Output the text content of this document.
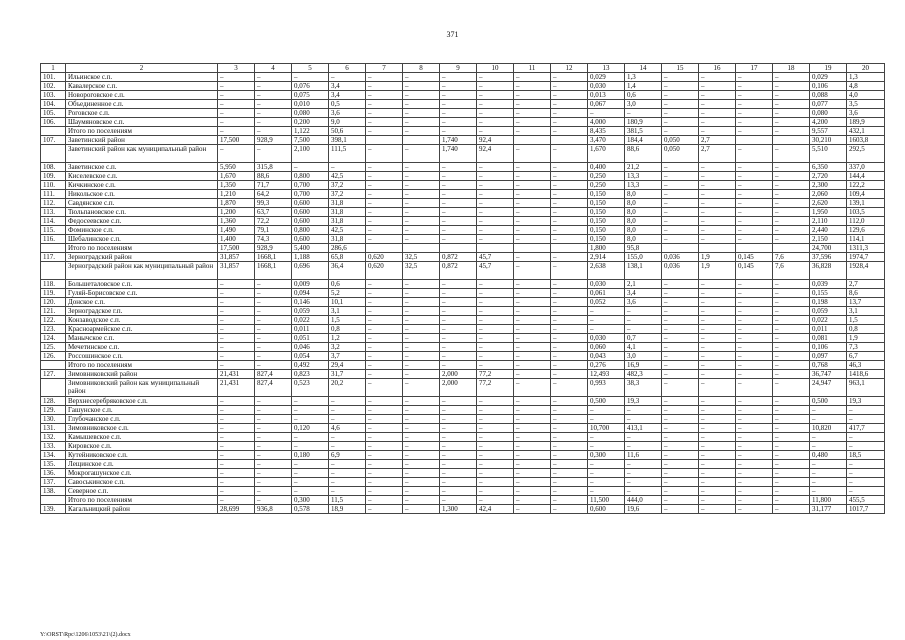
371
1	2	3	4	5	6	7	8	9	10	11	12	13	14	15	16	17	18	19	20
101.	Ильинское с.п.	–	–	–	–	–	–	–	–	–	–	0,029	1,3	–	–	–	–	0,029	1,3
102.	Кавалерское с.п.	–	–	0,076	3,4	–	–	–	–	–	–	0,030	1,4	–	–	–	–	0,106	4,8
103.	Новороговское с.п.	–	–	0,075	3,4	–	–	–	–	–	–	0,013	0,6	–	–	–	–	0,088	4,0
104.	Объединенное с.п.	–	–	0,010	0,5	–	–	–	–	–	–	0,067	3,0	–	–	–	–	0,077	3,5
105.	Роговское с.п.	–	–	0,080	3,6	–	–	–	–	–	–	–	–	–	–	–	–	0,080	3,6
106.	Шаумяновское с.п.	–	–	0,200	9,0	–	–	–	–	–	–	4,000	180,9	–	–	–	–	4,200	189,9
	Итого по поселениям	–	–	1,122	50,6	–	–	–	–	–	–	8,435	381,5	–	–	–	–	9,557	432,1
107.	Заветинский район	17,500	928,9	7,500	398,1			1,740	92,4			3,470	184,4	0,050	2,7			30,210	1603,8
	Заветинский район как муниципальный район	–	–	2,100	111,5	–	–	1,740	92,4	–	–	1,670	88,6	0,050	2,7	–	–	5,510	292,5
108.	Заветинское с.п.	5,950	315,8	–	–	–	–	–	–	–	–	0,400	21,2	–	–	–	–	6,350	337,0
109.	Киселевское с.п.	1,670	88,6	0,800	42,5	–	–	–	–	–	–	0,250	13,3	–	–	–	–	2,720	144,4
110.	Кичкинское с.п.	1,350	71,7	0,700	37,2	–	–	–	–	–	–	0,250	13,3	–	–	–	–	2,300	122,2
111.	Никольское с.п.	1,210	64,2	0,700	37,2	–	–	–	–	–	–	0,150	8,0	–	–	–	–	2,060	109,4
112.	Савдянское с.п.	1,870	99,3	0,600	31,8	–	–	–	–	–	–	0,150	8,0	–	–	–	–	2,620	139,1
113.	Тюльпановское с.п.	1,200	63,7	0,600	31,8	–	–	–	–	–	–	0,150	8,0	–	–	–	–	1,950	103,5
114.	Федосеевское с.п.	1,360	72,2	0,600	31,8	–	–	–	–	–	–	0,150	8,0	–	–	–	–	2,110	112,0
115.	Фоминское с.п.	1,490	79,1	0,800	42,5	–	–	–	–	–	–	0,150	8,0	–	–	–	–	2,440	129,6
116.	Шебалинское с.п.	1,400	74,3	0,600	31,8	–	–	–	–	–	–	0,150	8,0	–	–	–	–	2,150	114,1
	Итого по поселениям	17,500	928,9	5,400	286,6							1,800	95,8					24,700	1311,3
117.	Зерноградский район	31,857	1668,1	1,188	65,8	0,620	32,5	0,872	45,7	–	–	2,914	155,0	0,036	1,9	0,145	7,6	37,596	1974,7
	Зерноградский район как муниципальный район	31,857	1668,1	0,696	36,4	0,620	32,5	0,872	45,7	–	–	2,638	138,1	0,036	1,9	0,145	7,6	36,828	1928,4
118.	Большеталовское с.п.	–	–	0,009	0,6	–	–	–	–	–	–	0,030	2,1	–	–	–	–	0,039	2,7
119.	Гуляй-Борисовское с.п.	–	–	0,094	5,2	–	–	–	–	–	–	0,061	3,4	–	–	–	–	0,155	8,6
120.	Донское с.п.	–	–	0,146	10,1	–	–	–	–	–	–	0,052	3,6	–	–	–	–	0,198	13,7
121.	Зерноградское г.п.	–	–	0,059	3,1	–	–	–	–	–	–	–	–	–	–	–	–	0,059	3,1
122.	Конзаводское с.п.	–	–	0,022	1,5	–	–	–	–	–	–	–	–	–	–	–	–	0,022	1,5
123.	Красноармейское с.п.	–	–	0,011	0,8	–	–	–	–	–	–	–	–	–	–	–	–	0,011	0,8
124.	Манычское с.п.	–	–	0,051	1,2	–	–	–	–	–	–	0,030	0,7	–	–	–	–	0,081	1,9
125.	Мечетинское с.п.	–	–	0,046	3,2	–	–	–	–	–	–	0,060	4,1	–	–	–	–	0,106	7,3
126.	Россошинское с.п.	–	–	0,054	3,7	–	–	–	–	–	–	0,043	3,0	–	–	–	–	0,097	6,7
	Итого по поселениям	–	–	0,492	29,4	–	–	–	–	–	–	0,276	16,9	–	–	–	–	0,768	46,3
127.	Зимовниковский район	21,431	827,4	0,823	31,7	–	–	2,000	77,2	–	–	12,493	482,3	–	–	–	–	36,747	1418,6
	Зимовниковский район как муниципальный район	21,431	827,4	0,523	20,2	–	–	2,000	77,2	–	–	0,993	38,3	–	–	–	–	24,947	963,1
128.	Верхнесеребряковское с.п.	–	–	–	–	–	–	–	–	–	–	0,500	19,3	–	–	–	–	0,500	19,3
129.	Гашунское с.п.	–	–	–	–	–	–	–	–	–	–	–	–	–	–	–	–	–	–
130.	Глубочанское с.п.	–	–	–	–	–	–	–	–	–	–	–	–	–	–	–	–	–	–
131.	Зимовниковское с.п.	–	–	0,120	4,6	–	–	–	–	–	–	10,700	413,1	–	–	–	–	10,820	417,7
132.	Камышевское с.п.	–	–	–	–	–	–	–	–	–	–	–	–	–	–	–	–	–	–
133.	Кировское с.п.	–	–	–	–	–	–	–	–	–	–	–	–	–	–	–	–	–	–
134.	Кутейниковское с.п.	–	–	0,180	6,9	–	–	–	–	–	–	0,300	11,6	–	–	–	–	0,480	18,5
135.	Лещинское с.п.	–	–	–	–	–	–	–	–	–	–	–	–	–	–	–	–	–	–
136.	Мокрогашунское с.п.	–	–	–	–	–	–	–	–	–	–	–	–	–	–	–	–	–	–
137.	Савоськинское с.п.	–	–	–	–	–	–	–	–	–	–	–	–	–	–	–	–	–	–
138.	Северное с.п.	–	–	–	–	–	–	–	–	–	–	–	–	–	–	–	–	–	–
	Итого по поселениям	–	–	0,300	11,5	–	–	–	–	–	–	11,500	444,0	–	–	–	–	11,800	455,5
139.	Кагальницкий район	28,699	936,8	0,578	18,9	–	–	1,300	42,4	–	–	0,600	19,6	–	–	–	–	31,177	1017,7
Y:\ORST\Rpc\1206\1053\21\(2).docx
